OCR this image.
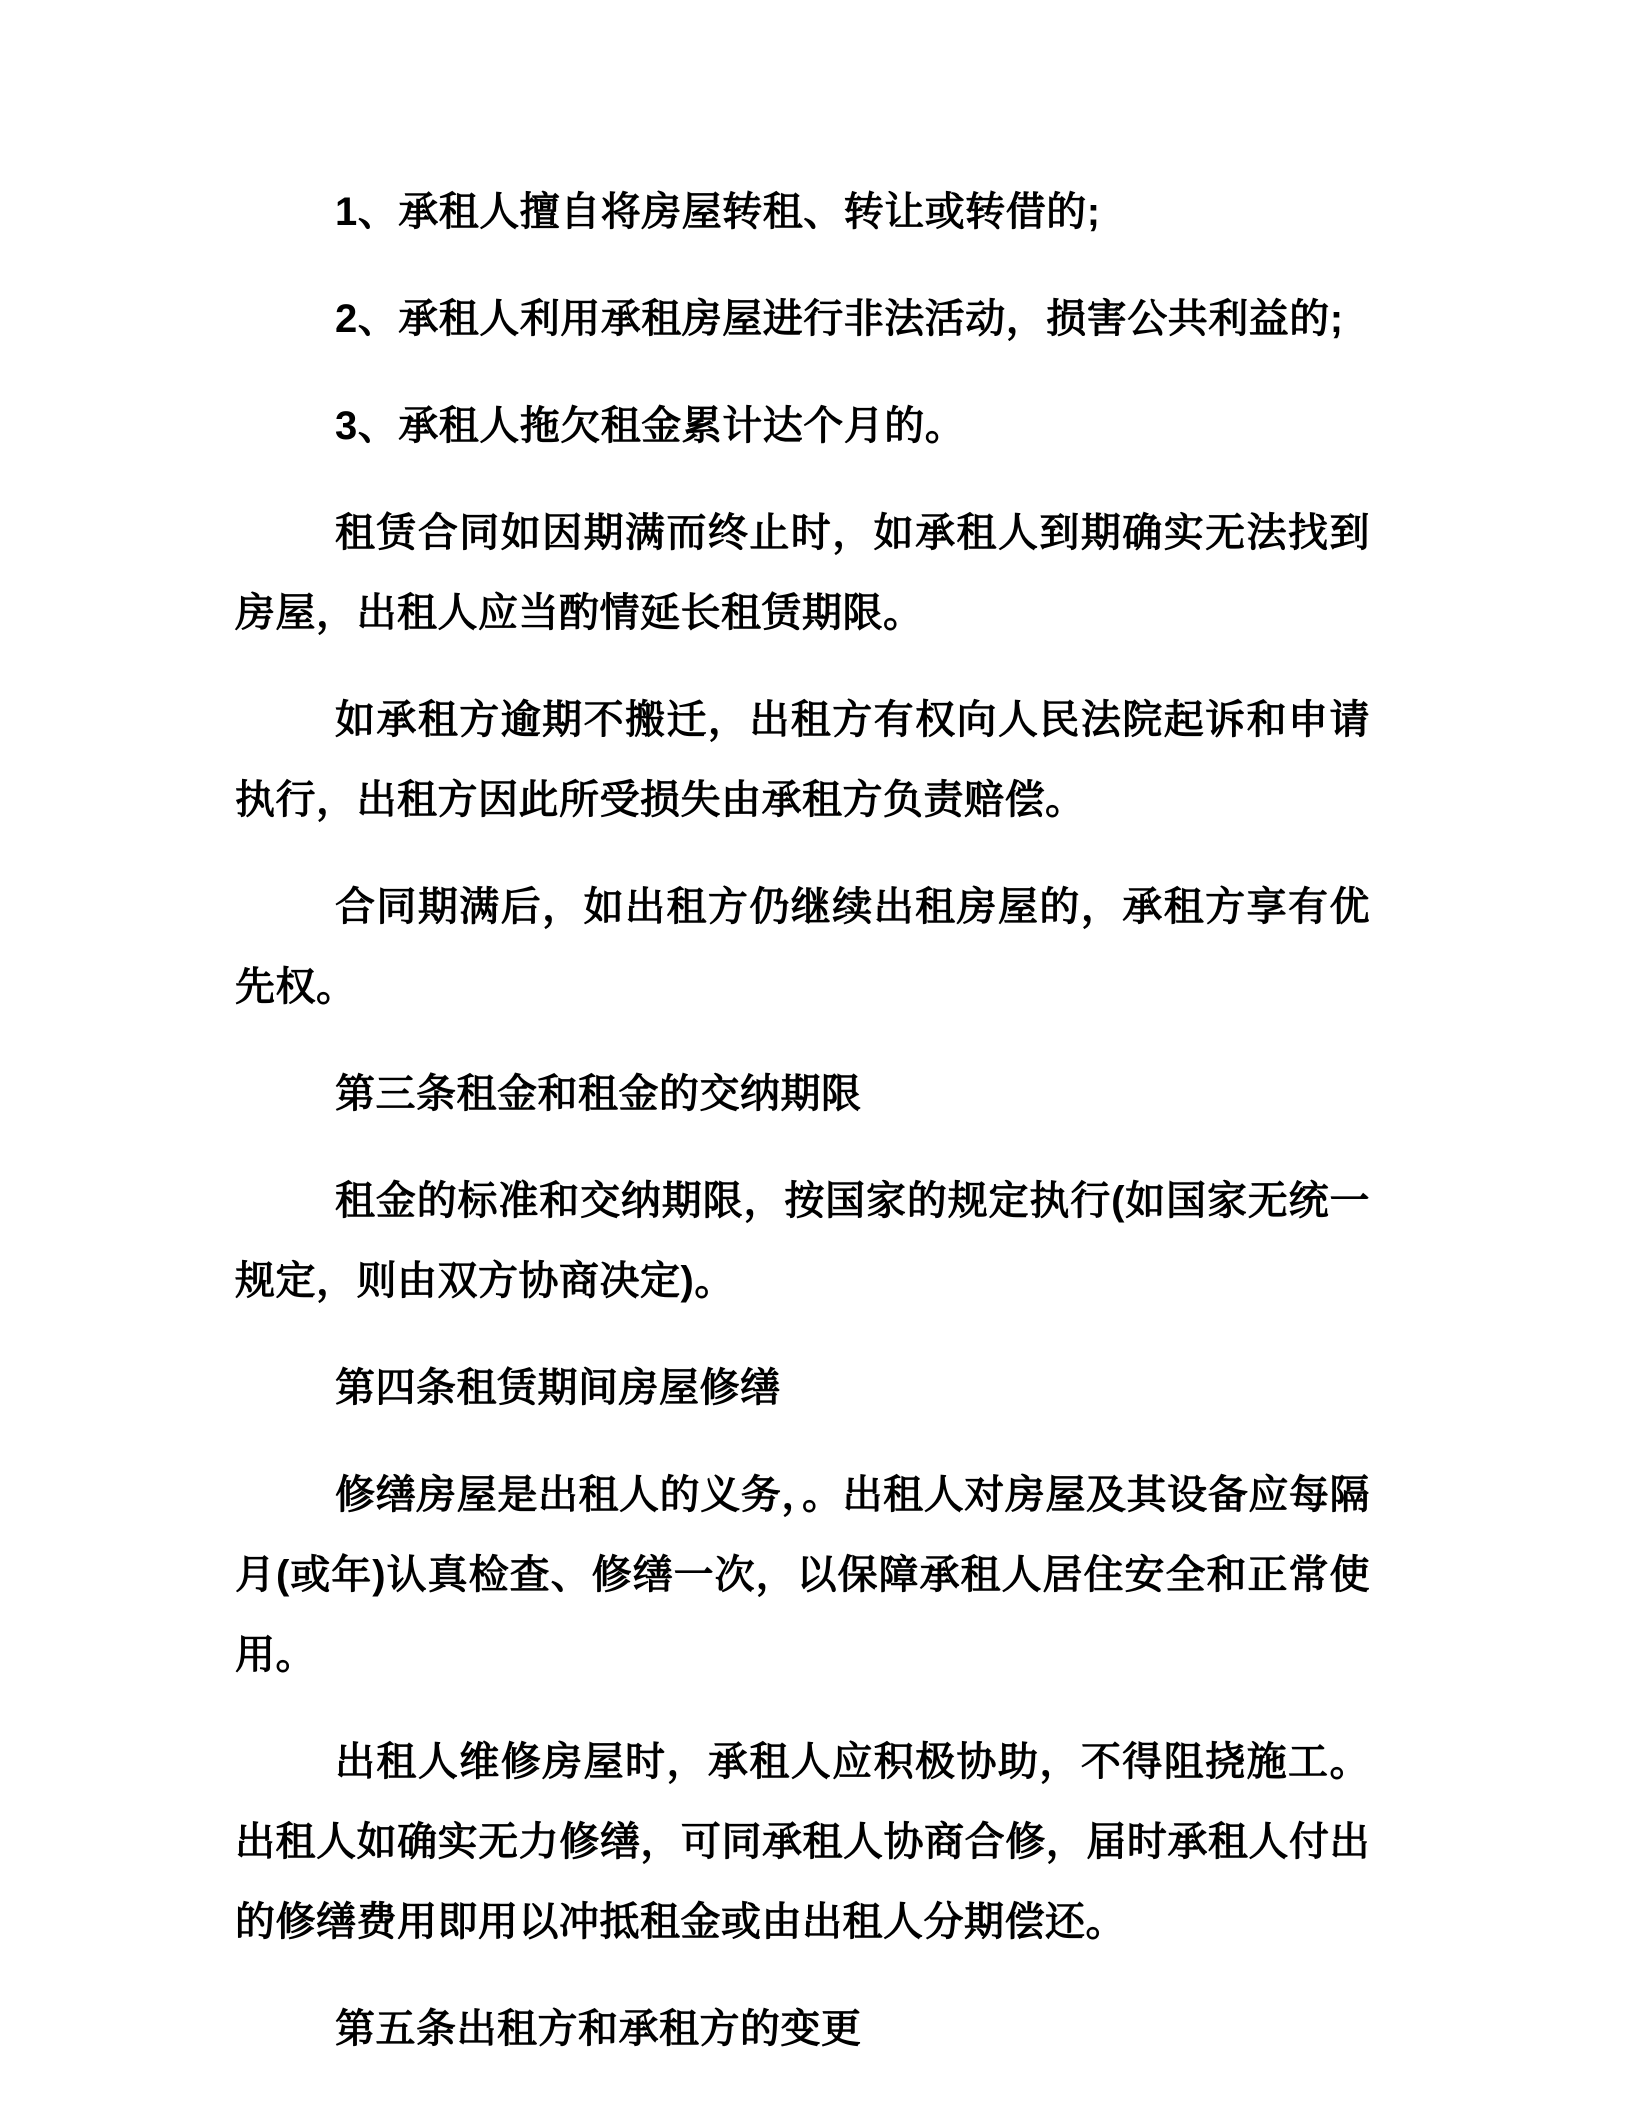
1、承租人擅自将房屋转租、转让或转借的;
2、承租人利用承租房屋进行非法活动，损害公共利益的;
3、承租人拖欠租金累计达个月的。
租赁合同如因期满而终止时，如承租人到期确实无法找到房屋，出租人应当酌情延长租赁期限。
如承租方逾期不搬迁，出租方有权向人民法院起诉和申请执行，出租方因此所受损失由承租方负责赔偿。
合同期满后，如出租方仍继续出租房屋的，承租方享有优先权。
第三条租金和租金的交纳期限
租金的标准和交纳期限，按国家的规定执行(如国家无统一规定，则由双方协商决定)。
第四条租赁期间房屋修缮
修缮房屋是出租人的义务，。出租人对房屋及其设备应每隔月(或年)认真检查、修缮一次，以保障承租人居住安全和正常使用。
出租人维修房屋时，承租人应积极协助，不得阻挠施工。出租人如确实无力修缮，可同承租人协商合修，届时承租人付出的修缮费用即用以冲抵租金或由出租人分期偿还。
第五条出租方和承租方的变更
